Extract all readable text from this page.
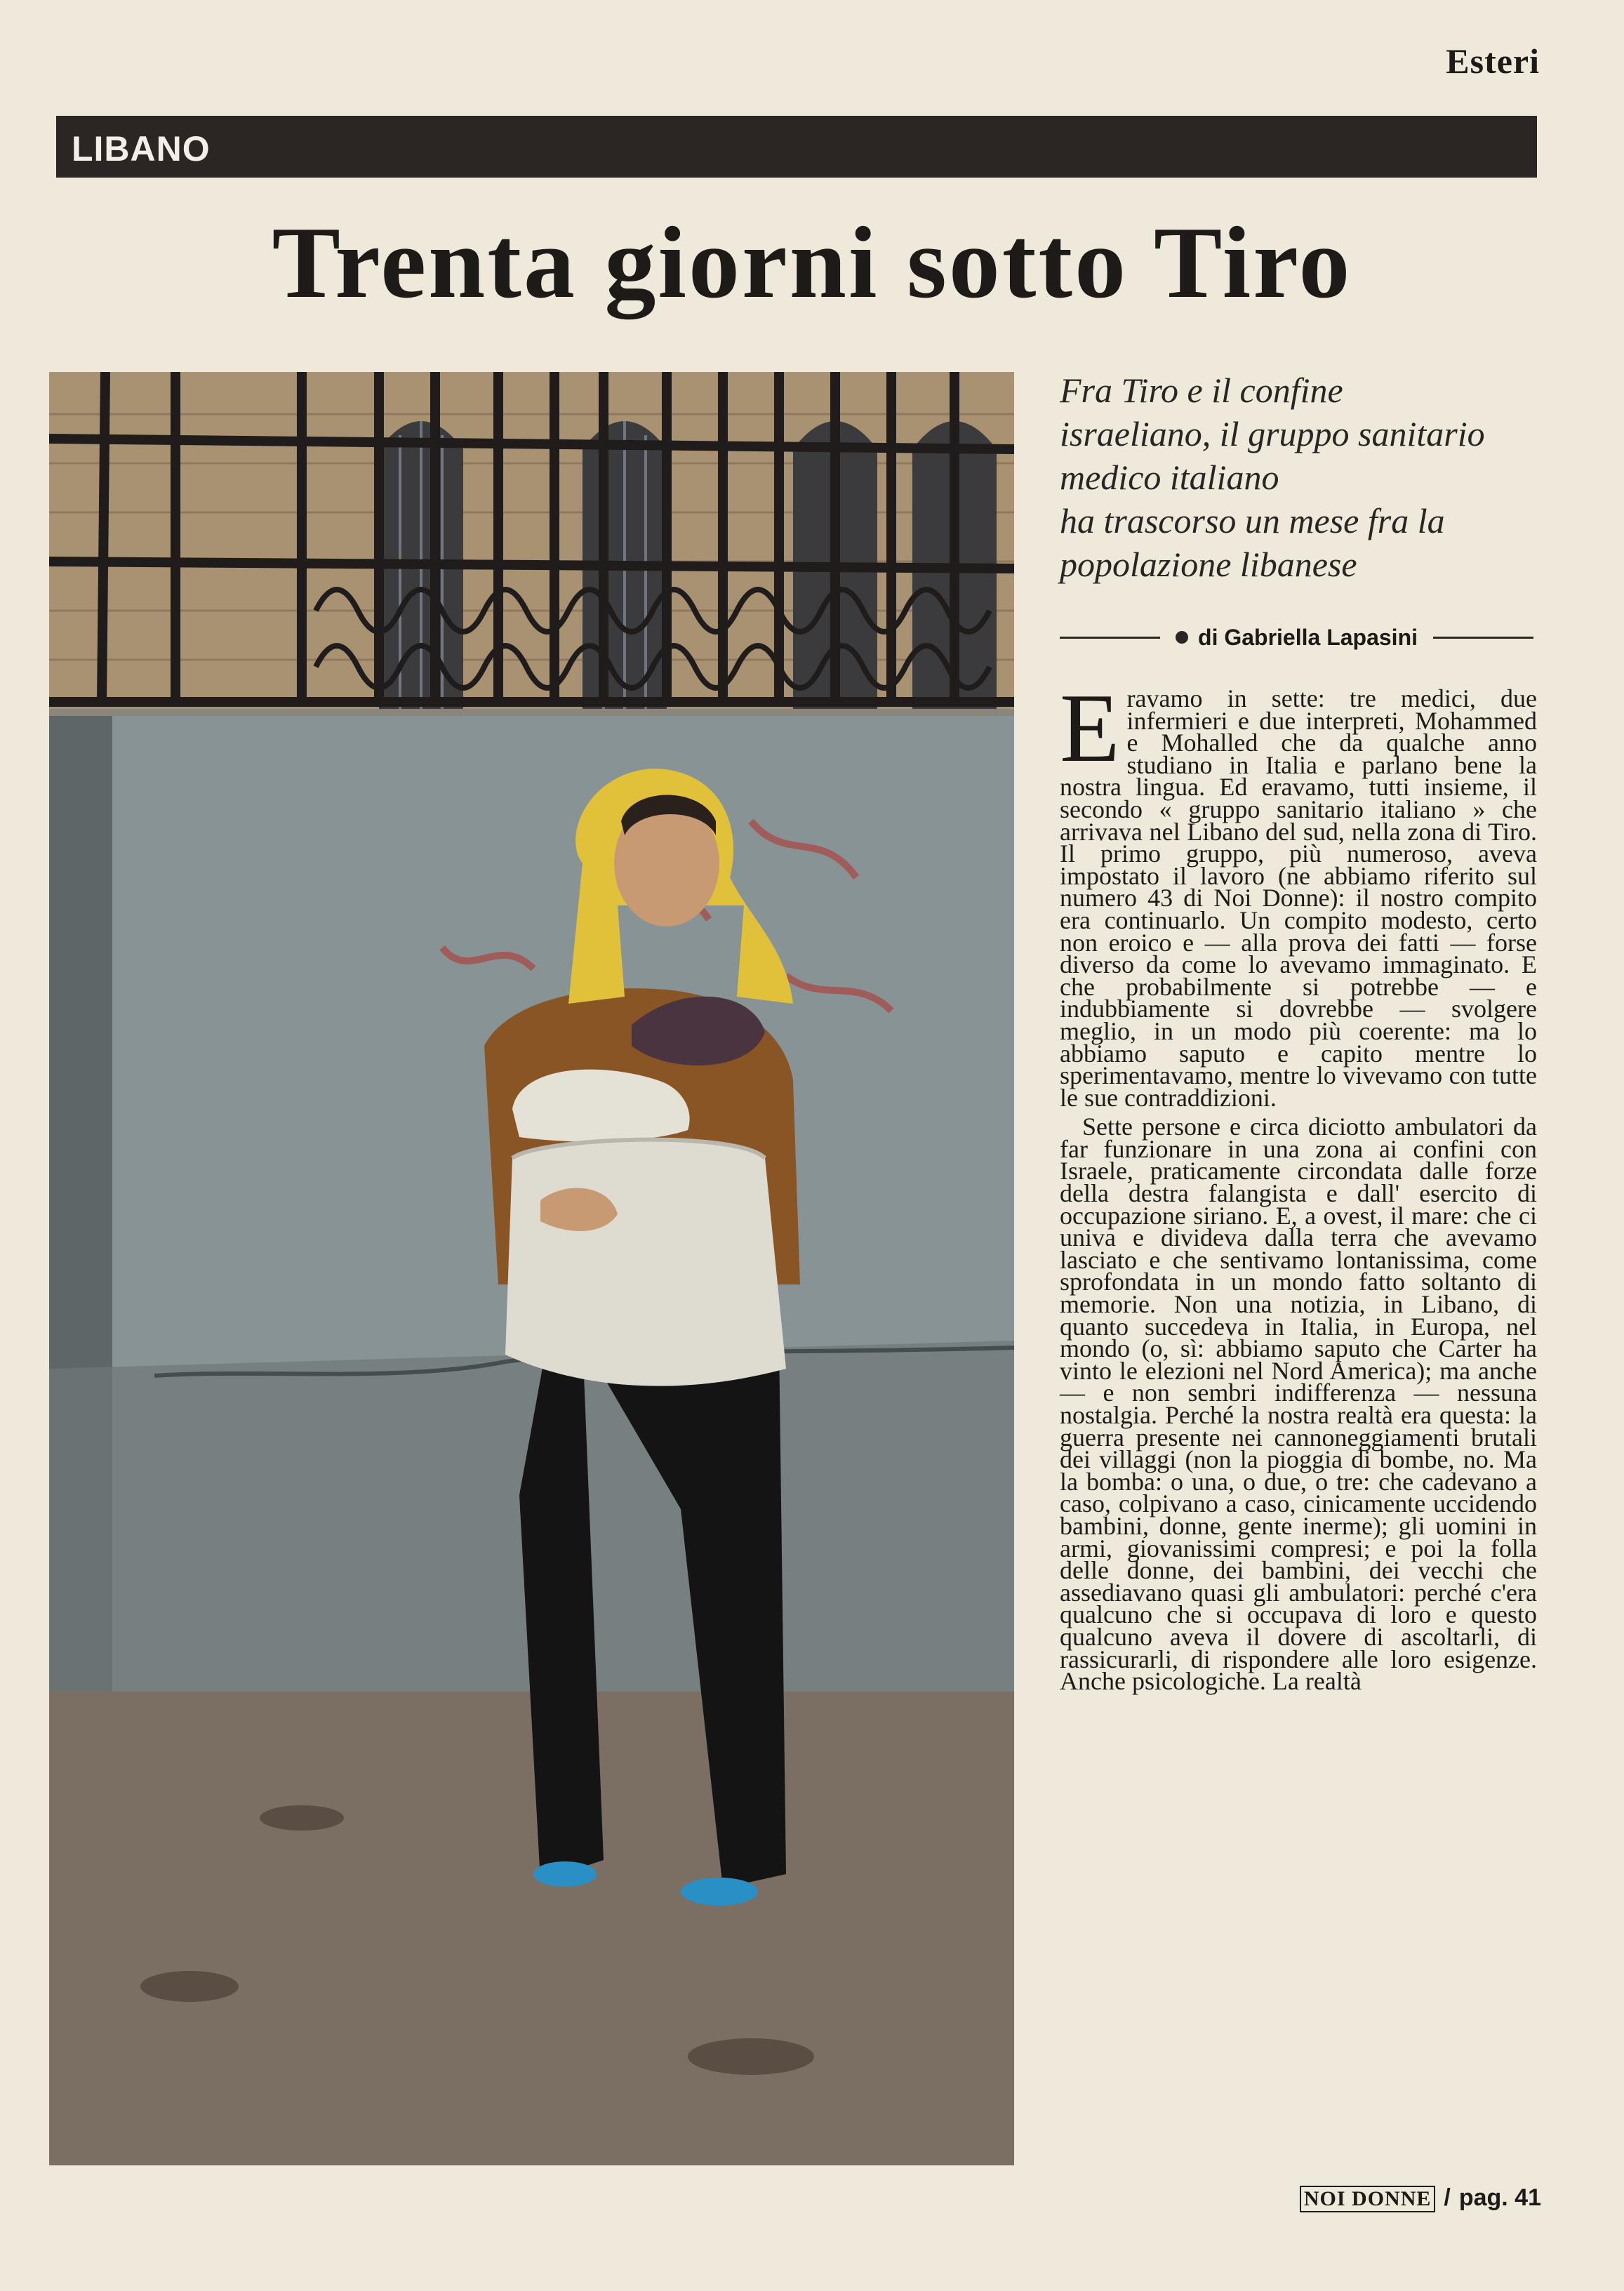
Esteri
LIBANO
Trenta giorni sotto Tiro
Fra Tiro e il confine
israeliano, il gruppo sanitario
medico italiano
ha trascorso un mese fra la
popolazione libanese
di Gabriella Lapasini

Eravamo in sette: tre medici, due infermieri e due interpreti, Mohammed e Mohalled che da qualche anno studiano in Italia e parlano bene la nostra lingua. Ed eravamo, tutti insieme, il secondo « gruppo sanitario italiano » che arrivava nel Libano del sud, nella zona di Tiro. Il primo gruppo, più numeroso, aveva impostato il lavoro (ne abbiamo riferito sul numero 43 di Noi Donne): il nostro compito era continuarlo. Un compito modesto, certo non eroico e — alla prova dei fatti — forse diverso da come lo avevamo immaginato. E che probabilmente si potrebbe — e indubbiamente si dovrebbe — svolgere meglio, in un modo più coerente: ma lo abbiamo saputo e capito mentre lo sperimentavamo, mentre lo vivevamo con tutte le sue contraddizioni.

Sette persone e circa diciotto ambulatori da far funzionare in una zona ai confini con Israele, praticamente circondata dalle forze della destra falangista e dall' esercito di occupazione siriano. E, a ovest, il mare: che ci univa e divideva dalla terra che avevamo lasciato e che sentivamo lontanissima, come sprofondata in un mondo fatto soltanto di memorie. Non una notizia, in Libano, di quanto succedeva in Italia, in Europa, nel mondo (o, sì: abbiamo saputo che Carter ha vinto le elezioni nel Nord America); ma anche — e non sembri indifferenza — nessuna nostalgia. Perché la nostra realtà era questa: la guerra presente nei cannoneggiamenti brutali dei villaggi (non la pioggia di bombe, no. Ma la bomba: o una, o due, o tre: che cadevano a caso, colpivano a caso, cinicamente uccidendo bambini, donne, gente inerme); gli uomini in armi, giovanissimi compresi; e poi la folla delle donne, dei bambini, dei vecchi che assediavano quasi gli ambulatori: perché c'era qualcuno che si occupava di loro e questo qualcuno aveva il dovere di ascoltarli, di rassicurarli, di rispondere alle loro esigenze. Anche psicologiche. La realtà

NOI DONNE / pag. 41
